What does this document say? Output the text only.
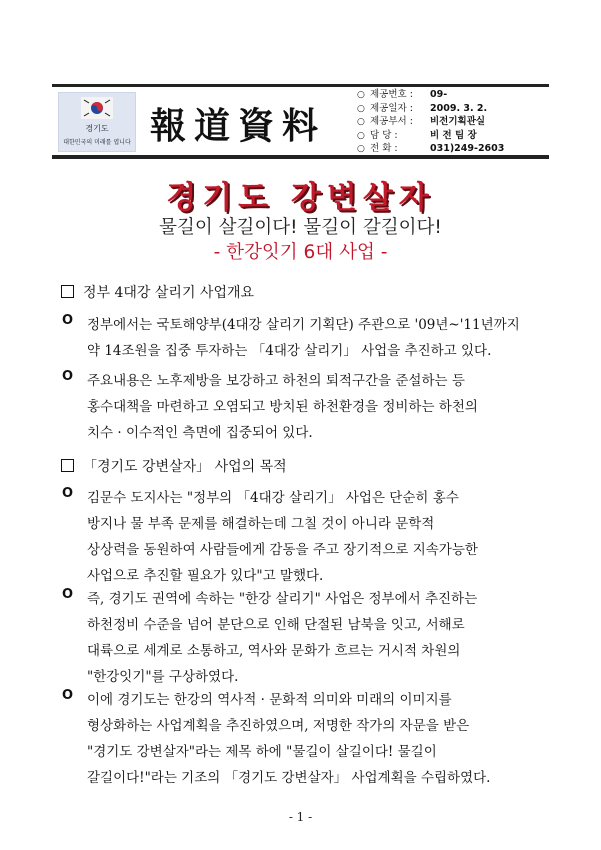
경기도
대한민국의 미래를 엽니다 報道資料
○ 제공번호 : 09-
○ 제공일자 : 2009. 3. 2.
○ 제공부서 : 비전기획관실
○ 담 당 :	비 전 팀 장
○ 전 화 :	031)249-2603
경기도 강변살자
물길이 살길이다! 물길이 갈길이다!
- 한강잇기 6대 사업 -
정부 4대강 살리기 사업개요
O 정부에서는 국토해양부(4대강 살리기 기획단) 주관으로 '09년~'11년까지
약 14조원을 집중 투자하는 「4대강 살리기」 사업을 추진하고 있다.
O 주요내용은 노후제방을 보강하고 하천의 퇴적구간을 준설하는 등
홍수대책을 마련하고 오염되고 방치된 하천환경을 정비하는 하천의
치수 · 이수적인 측면에 집중되어 있다.
「경기도 강변살자」 사업의 목적
O 김문수 도지사는 "정부의 「4대강 살리기」 사업은 단순히 홍수
방지나 물 부족 문제를 해결하는데 그칠 것이 아니라 문학적
상상력을 동원하여 사람들에게 감동을 주고 장기적으로 지속가능한
사업으로 추진할 필요가 있다"고 말했다.
O 즉, 경기도 권역에 속하는 "한강 살리기" 사업은 정부에서 추진하는
하천정비 수준을 넘어 분단으로 인해 단절된 남북을 잇고, 서해로
대륙으로 세계로 소통하고, 역사와 문화가 흐르는 거시적 차원의
"한강잇기"를 구상하였다.
O 이에 경기도는 한강의 역사적 · 문화적 의미와 미래의 이미지를
형상화하는 사업계획을 추진하였으며, 저명한 작가의 자문을 받은
"경기도 강변살자"라는 제목 하에 "물길이 살길이다! 물길이
갈길이다!"라는 기조의 「경기도 강변살자」 사업계획을 수립하였다.
- 1 -
